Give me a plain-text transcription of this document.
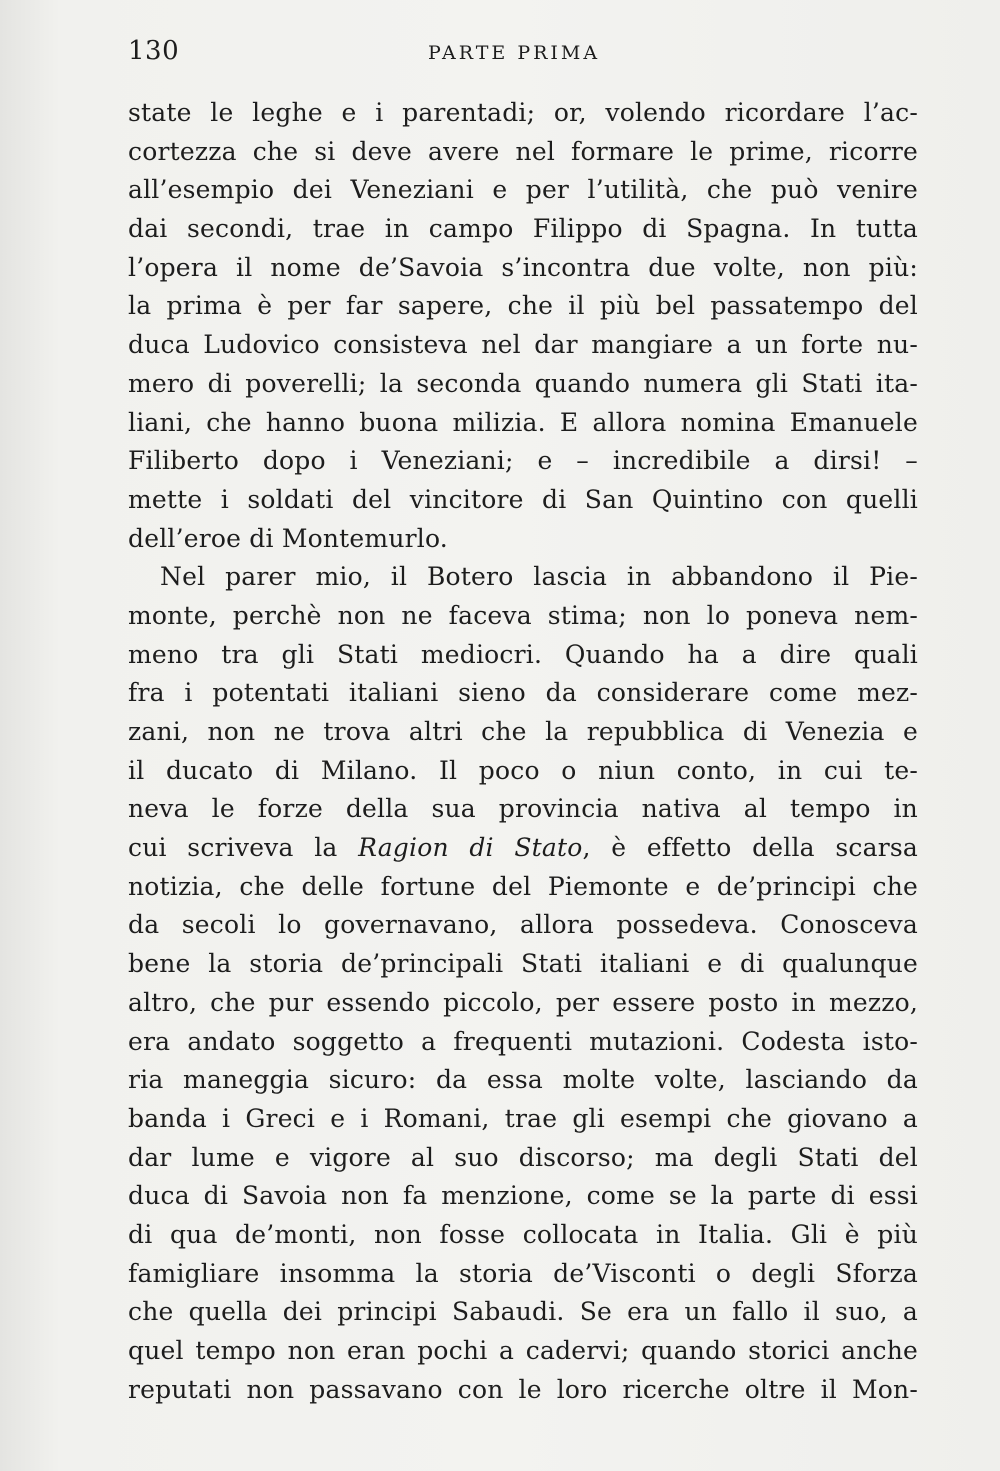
130	PARTE PRIMA
state le leghe e i parentadi; or, volendo ricordare l’ac-
cortezza che si deve avere nel formare le prime, ricorre
all’esempio dei Veneziani e per l’utilità, che può venire
dai secondi, trae in campo Filippo di Spagna. In tutta
l’opera il nome de’Savoia s’incontra due volte, non più:
la prima è per far sapere, che il più bel passatempo del
duca Ludovico consisteva nel dar mangiare a un forte nu-
mero di poverelli; la seconda quando numera gli Stati ita-
liani, che hanno buona milizia. E allora nomina Emanuele
Filiberto dopo i Veneziani; e – incredibile a dirsi! –
mette i soldati del vincitore di San Quintino con quelli
dell’eroe di Montemurlo.
Nel parer mio, il Botero lascia in abbandono il Pie-
monte, perchè non ne faceva stima; non lo poneva nem-
meno tra gli Stati mediocri. Quando ha a dire quali
fra i potentati italiani sieno da considerare come mez-
zani, non ne trova altri che la repubblica di Venezia e
il ducato di Milano. Il poco o niun conto, in cui te-
neva le forze della sua provincia nativa al tempo in
cui scriveva la Ragion di Stato, è effetto della scarsa
notizia, che delle fortune del Piemonte e de’principi che
da secoli lo governavano, allora possedeva. Conosceva
bene la storia de’principali Stati italiani e di qualunque
altro, che pur essendo piccolo, per essere posto in mezzo,
era andato soggetto a frequenti mutazioni. Codesta isto-
ria maneggia sicuro: da essa molte volte, lasciando da
banda i Greci e i Romani, trae gli esempi che giovano a
dar lume e vigore al suo discorso; ma degli Stati del
duca di Savoia non fa menzione, come se la parte di essi
di qua de’monti, non fosse collocata in Italia. Gli è più
famigliare insomma la storia de’Visconti o degli Sforza
che quella dei principi Sabaudi. Se era un fallo il suo, a
quel tempo non eran pochi a cadervi; quando storici anche
reputati non passavano con le loro ricerche oltre il Mon-
